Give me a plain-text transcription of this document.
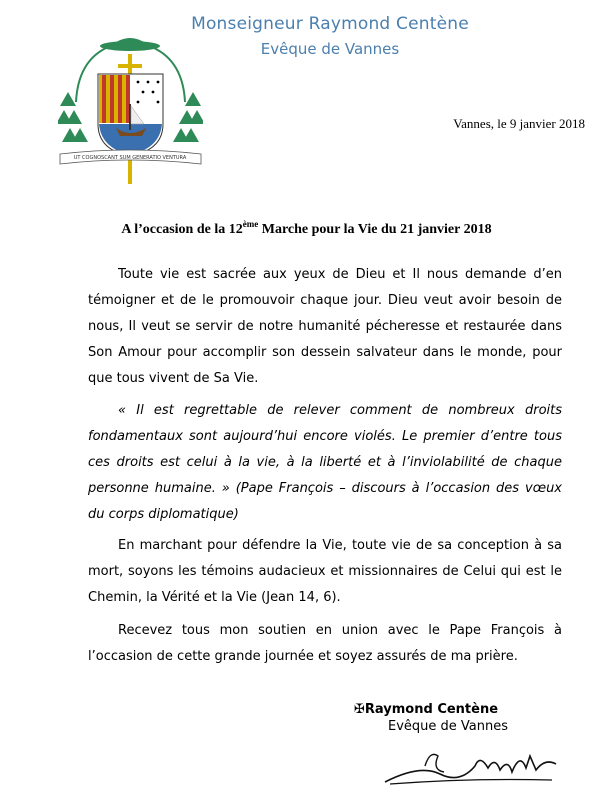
Monseigneur Raymond Centène
Evêque de Vannes
UT COGNOSCANT SUM GENERATIO VENTURA
Vannes, le 9 janvier 2018
A l’occasion de la 12ème Marche pour la Vie du 21 janvier 2018
Toute vie est sacrée aux yeux de Dieu et Il nous demande d’en témoigner et de le promouvoir chaque jour. Dieu veut avoir besoin de nous, Il veut se servir de notre humanité pécheresse et restaurée dans Son Amour pour accomplir son dessein salvateur dans le monde, pour que tous vivent de Sa Vie.
« Il est regrettable de relever comment de nombreux droits fondamentaux sont aujourd’hui encore violés. Le premier d’entre tous ces droits est celui à la vie, à la liberté et à l’inviolabilité de chaque personne humaine. » (Pape François – discours à l’occasion des vœux du corps diplomatique)
En marchant pour défendre la Vie, toute vie de sa conception à sa mort, soyons les témoins audacieux et missionnaires de Celui qui est le Chemin, la Vérité et la Vie (Jean 14, 6).
Recevez tous mon soutien en union avec le Pape François à l’occasion de cette grande journée et soyez assurés de ma prière.
✠Raymond Centène
Evêque de Vannes
